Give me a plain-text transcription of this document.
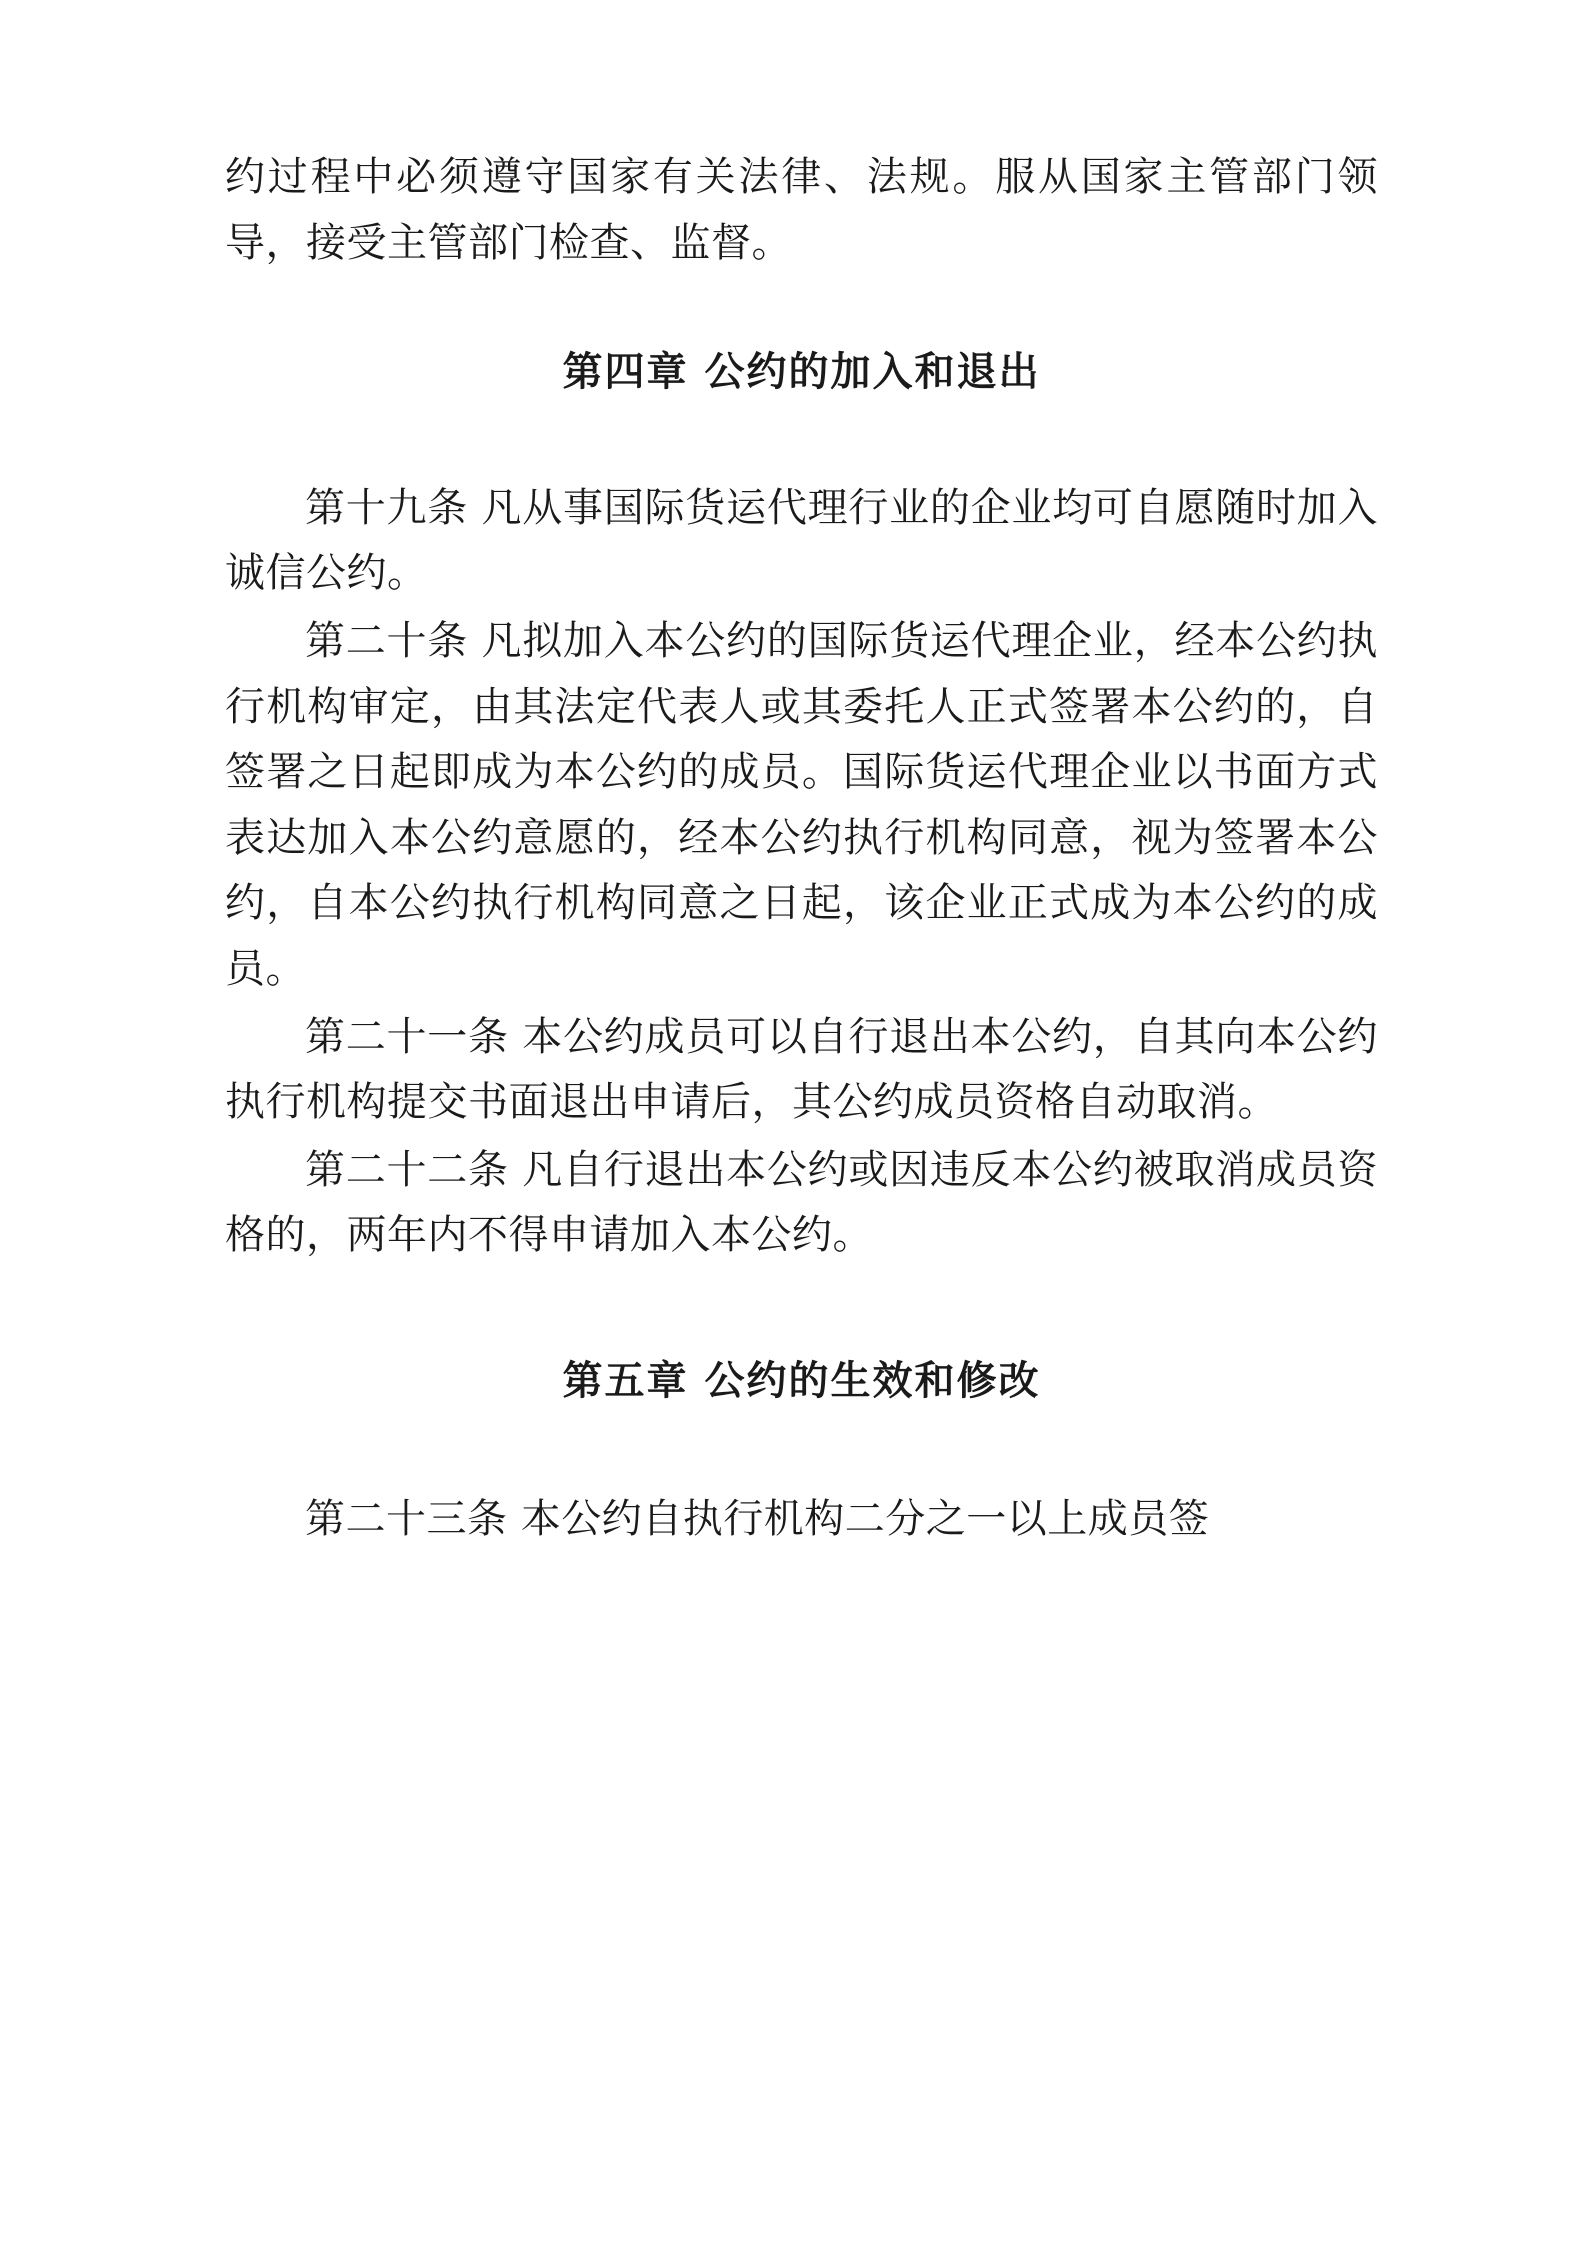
约过程中必须遵守国家有关法律、法规。服从国家主管部门领导，接受主管部门检查、监督。

第四章 公约的加入和退出

第十九条 凡从事国际货运代理行业的企业均可自愿随时加入诚信公约。

第二十条 凡拟加入本公约的国际货运代理企业，经本公约执行机构审定，由其法定代表人或其委托人正式签署本公约的，自签署之日起即成为本公约的成员。国际货运代理企业以书面方式表达加入本公约意愿的，经本公约执行机构同意，视为签署本公约，自本公约执行机构同意之日起，该企业正式成为本公约的成员。

第二十一条 本公约成员可以自行退出本公约，自其向本公约执行机构提交书面退出申请后，其公约成员资格自动取消。

第二十二条 凡自行退出本公约或因违反本公约被取消成员资格的，两年内不得申请加入本公约。

第五章 公约的生效和修改

第二十三条 本公约自执行机构二分之一以上成员签
